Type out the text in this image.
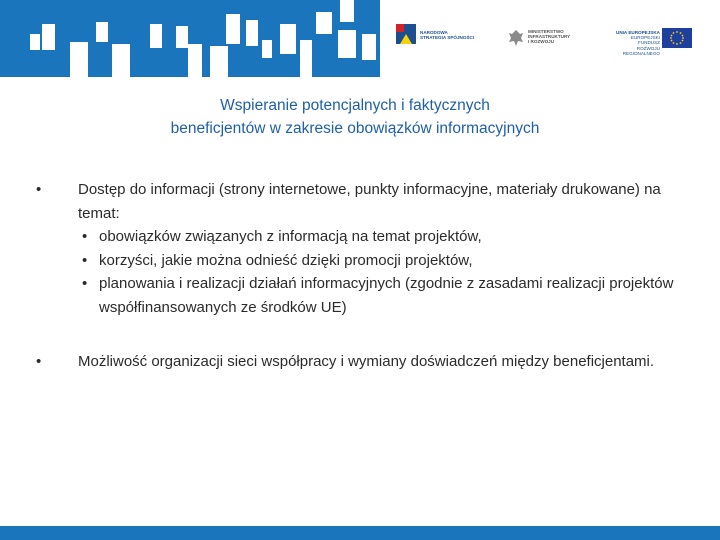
NARODOWA
STRATEGIA SPÓJNOŚCI
MINISTERSTWO
INFRASTRUKTURY
I ROZWOJU
UNIA EUROPEJSKA
EUROPEJSKI FUNDUSZ
ROZWOJU REGIONALNEGO
Wspieranie potencjalnych i faktycznych
beneficjentów w zakresie obowiązków informacyjnych
• Dostęp do informacji (strony internetowe, punkty informacyjne, materiały drukowane) na temat:
• obowiązków związanych z informacją na temat projektów,
• korzyści, jakie można odnieść dzięki promocji projektów,
• planowania i realizacji działań informacyjnych (zgodnie z zasadami realizacji projektów współfinansowanych ze środków UE)
• Możliwość organizacji sieci współpracy i wymiany doświadczeń między beneficjentami.
